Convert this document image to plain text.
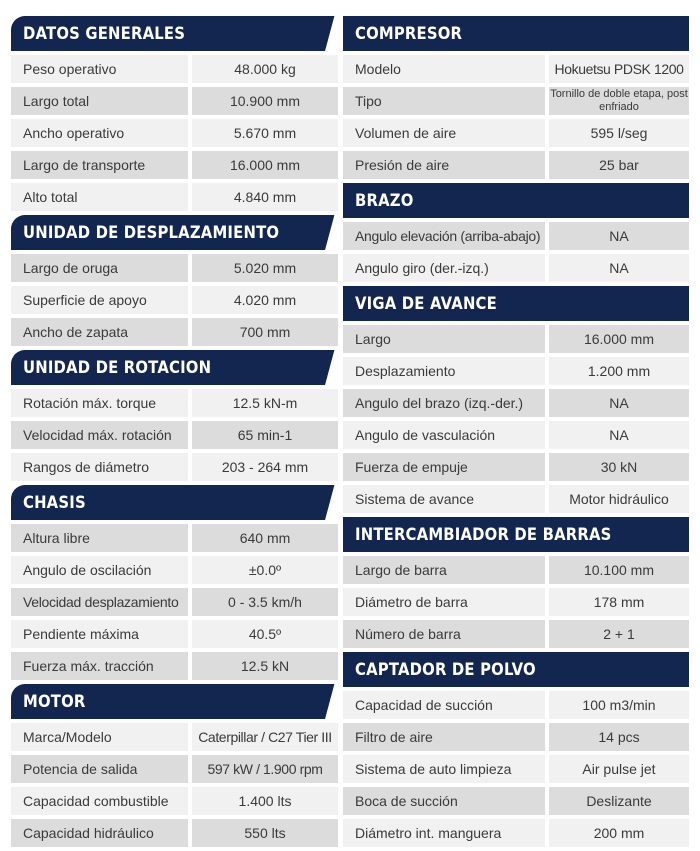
DATOS GENERALES
Peso operativo	48.000 kg
Largo total	10.900 mm
Ancho operativo	5.670 mm
Largo de transporte	16.000 mm
Alto total	4.840 mm
UNIDAD DE DESPLAZAMIENTO
Largo de oruga	5.020 mm
Superficie de apoyo	4.020 mm
Ancho de zapata	700 mm
UNIDAD DE ROTACION
Rotación máx. torque	12.5 kN-m
Velocidad máx. rotación	65 min-1
Rangos de diámetro	203 - 264 mm
CHASIS
Altura libre	640 mm
Angulo de oscilación	±0.0º
Velocidad desplazamiento	0 - 3.5 km/h
Pendiente máxima	40.5º
Fuerza máx. tracción	12.5 kN
MOTOR
Marca/Modelo	Caterpillar / C27 Tier III
Potencia de salida	597 kW / 1.900 rpm
Capacidad combustible	1.400 lts
Capacidad hidráulico	550 lts
COMPRESOR
Modelo	Hokuetsu PDSK 1200
Tipo	Tornillo de doble etapa, post enfriado
Volumen de aire	595 l/seg
Presión de aire	25 bar
BRAZO
Angulo elevación (arriba-abajo)	NA
Angulo giro (der.-izq.)	NA
VIGA DE AVANCE
Largo	16.000 mm
Desplazamiento	1.200 mm
Angulo del brazo (izq.-der.)	NA
Angulo de vasculación	NA
Fuerza de empuje	30 kN
Sistema de avance	Motor hidráulico
INTERCAMBIADOR DE BARRAS
Largo de barra	10.100 mm
Diámetro de barra	178 mm
Número de barra	2 + 1
CAPTADOR DE POLVO
Capacidad de succión	100 m3/min
Filtro de aire	14 pcs
Sistema de auto limpieza	Air pulse jet
Boca de succión	Deslizante
Diámetro int. manguera	200 mm
